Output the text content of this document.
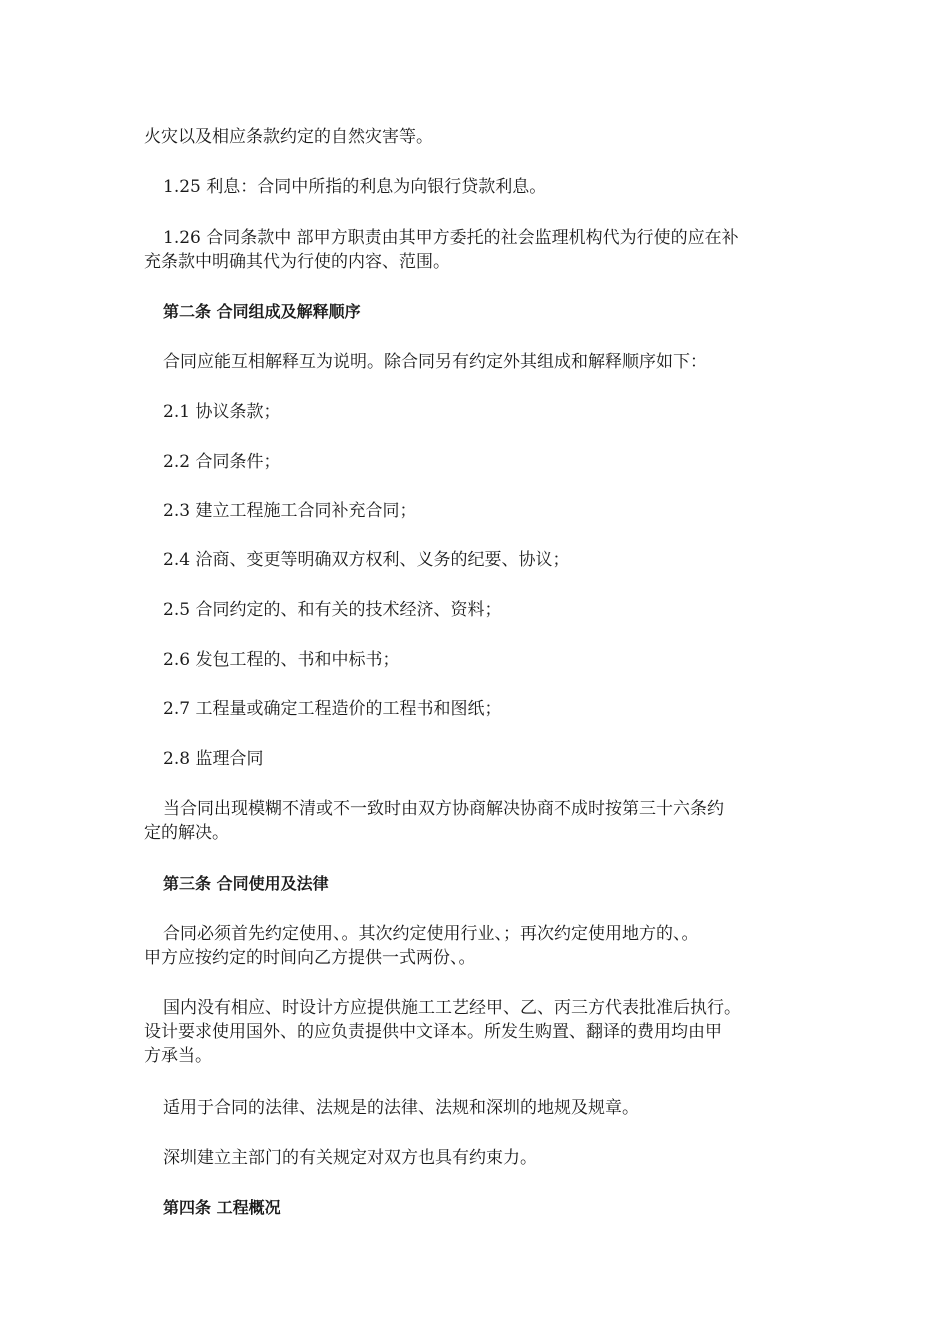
火灾以及相应条款约定的自然灾害等。
1.25 利息：合同中所指的利息为向银行贷款利息。
1.26 合同条款中 部甲方职责由其甲方委托的社会监理机构代为行使的应在补
充条款中明确其代为行使的内容、范围。
第二条 合同组成及解释顺序
合同应能互相解释互为说明。除合同另有约定外其组成和解释顺序如下：
2.1 协议条款；
2.2 合同条件；
2.3 建立工程施工合同补充合同；
2.4 洽商、变更等明确双方权利、义务的纪要、协议；
2.5 合同约定的、和有关的技术经济、资料；
2.6 发包工程的、书和中标书；
2.7 工程量或确定工程造价的工程书和图纸；
2.8 监理合同
当合同出现模糊不清或不一致时由双方协商解决协商不成时按第三十六条约
定的解决。
第三条 合同使用及法律
合同必须首先约定使用、。其次约定使用行业、；再次约定使用地方的、。
甲方应按约定的时间向乙方提供一式两份、。
国内没有相应、时设计方应提供施工工艺经甲、乙、丙三方代表批准后执行。
设计要求使用国外、的应负责提供中文译本。所发生购置、翻译的费用均由甲
方承当。
适用于合同的法律、法规是的法律、法规和深圳的地规及规章。
深圳建立主部门的有关规定对双方也具有约束力。
第四条 工程概况
